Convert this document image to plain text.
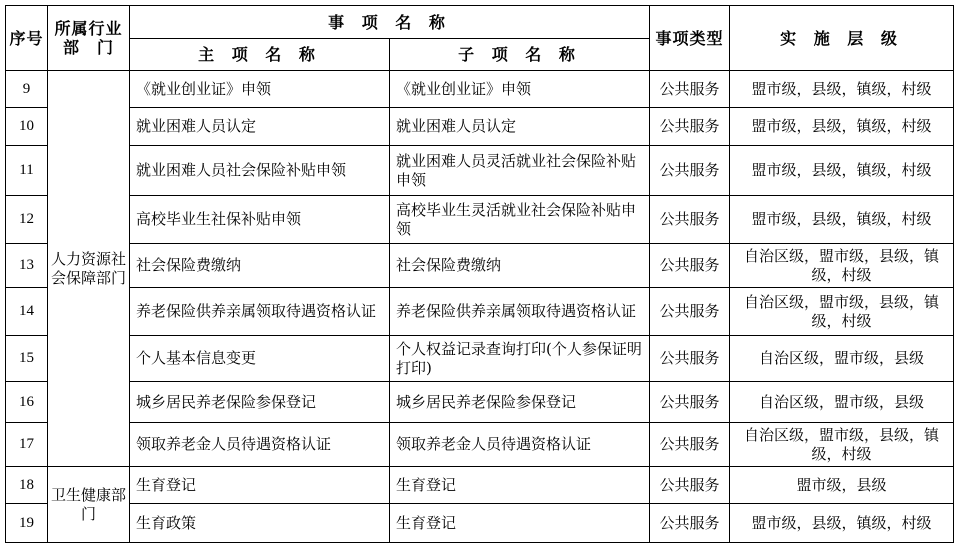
序号	所属行业部　门	事 项 名 称		事项类型	实 施 层 级
		主 项 名 称	子 项 名 称		
9	人力资源社会保障部门	《就业创业证》申领	《就业创业证》申领	公共服务	盟市级，县级，镇级，村级
10		就业困难人员认定	就业困难人员认定	公共服务	盟市级，县级，镇级，村级
11		就业困难人员社会保险补贴申领	就业困难人员灵活就业社会保险补贴申领	公共服务	盟市级，县级，镇级，村级
12		高校毕业生社保补贴申领	高校毕业生灵活就业社会保险补贴申领	公共服务	盟市级，县级，镇级，村级
13		社会保险费缴纳	社会保险费缴纳	公共服务	自治区级，盟市级，县级，镇级，村级
14		养老保险供养亲属领取待遇资格认证	养老保险供养亲属领取待遇资格认证	公共服务	自治区级，盟市级，县级，镇级，村级
15		个人基本信息变更	个人权益记录查询打印(个人参保证明打印)	公共服务	自治区级，盟市级，县级
16		城乡居民养老保险参保登记	城乡居民养老保险参保登记	公共服务	自治区级，盟市级，县级
17		领取养老金人员待遇资格认证	领取养老金人员待遇资格认证	公共服务	自治区级，盟市级，县级，镇级，村级
18	卫生健康部门	生育登记	生育登记	公共服务	盟市级，县级
19		生育政策	生育登记	公共服务	盟市级，县级，镇级，村级
